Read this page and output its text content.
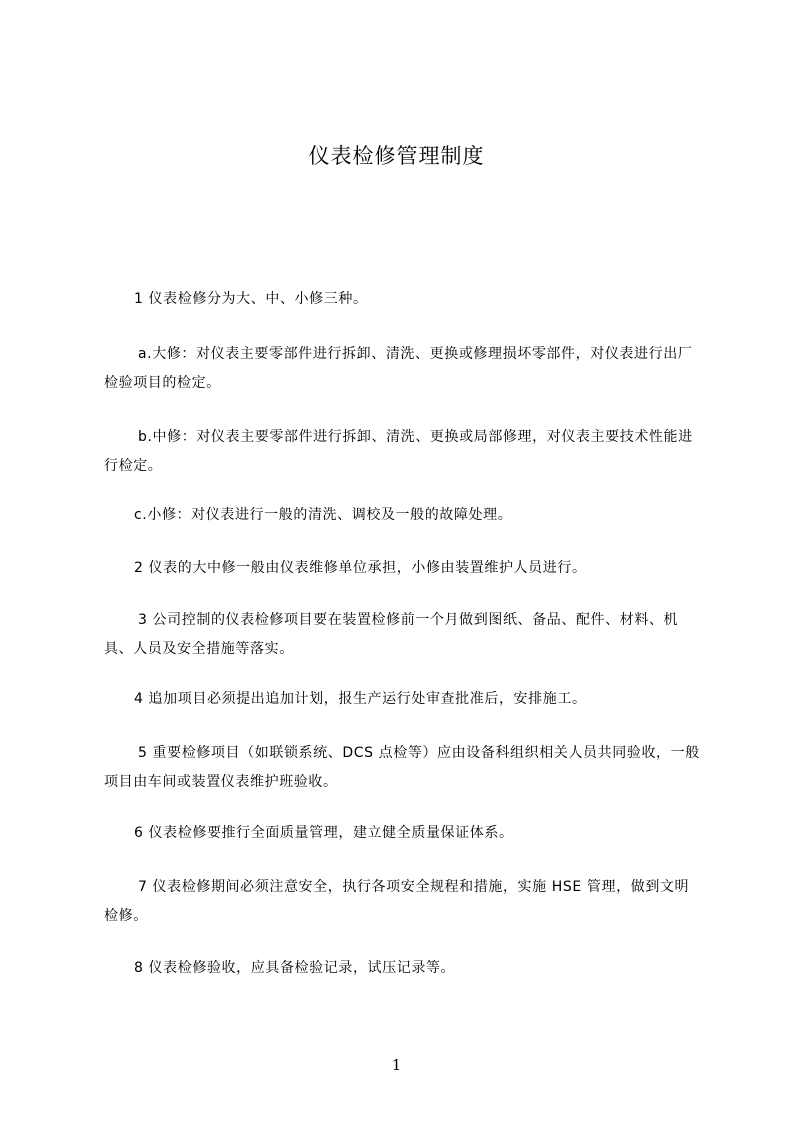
仪表检修管理制度
1 仪表检修分为大、中、小修三种。
a.大修：对仪表主要零部件进行拆卸、清洗、更换或修理损坏零部件，对仪表进行出厂检验项目的检定。
b.中修：对仪表主要零部件进行拆卸、清洗、更换或局部修理，对仪表主要技术性能进行检定。
c.小修：对仪表进行一般的清洗、调校及一般的故障处理。
2 仪表的大中修一般由仪表维修单位承担，小修由装置维护人员进行。
3 公司控制的仪表检修项目要在装置检修前一个月做到图纸、备品、配件、材料、机具、人员及安全措施等落实。
4 追加项目必须提出追加计划，报生产运行处审查批准后，安排施工。
5 重要检修项目（如联锁系统、DCS 点检等）应由设备科组织相关人员共同验收，一般项目由车间或装置仪表维护班验收。
6 仪表检修要推行全面质量管理，建立健全质量保证体系。
7 仪表检修期间必须注意安全，执行各项安全规程和措施，实施 HSE 管理，做到文明检修。
8 仪表检修验收，应具备检验记录，试压记录等。
1
